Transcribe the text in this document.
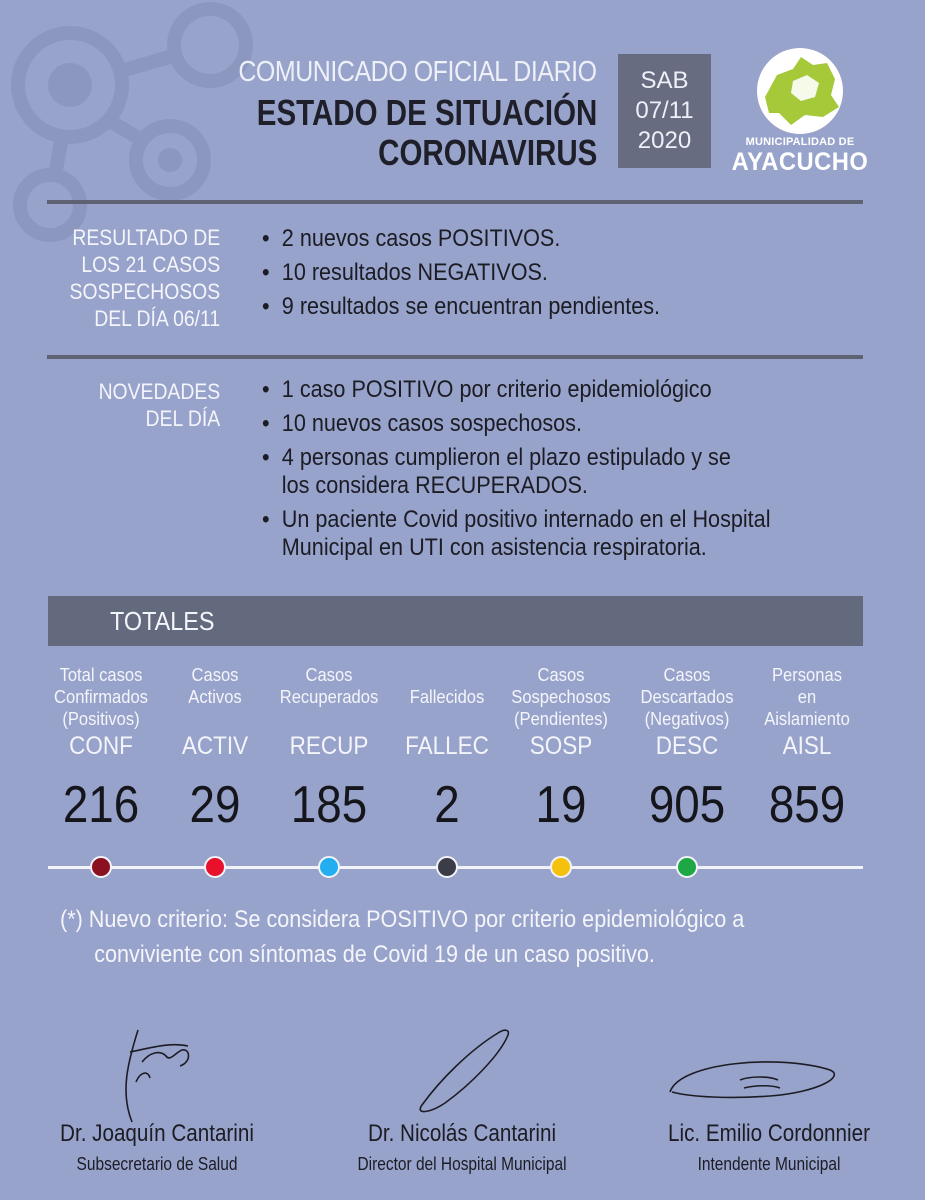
COMUNICADO OFICIAL DIARIO
ESTADO DE SITUACIÓN
CORONAVIRUS
SAB
07/11
2020	MUNICIPALIDAD DE
AYACUCHO
RESULTADO DE
LOS 21 CASOS
SOSPECHOSOS
DEL DÍA 06/11
• 2 nuevos casos POSITIVOS.
• 10 resultados NEGATIVOS.
• 9 resultados se encuentran pendientes.
NOVEDADES
DEL DÍA
• 1 caso POSITIVO por criterio epidemiológico
• 10 nuevos casos sospechosos.
• 4 personas cumplieron el plazo estipulado y se
los considera RECUPERADOS.
• Un paciente Covid positivo internado en el Hospital
Municipal en UTI con asistencia respiratoria.
TOTALES
Total casos
Confirmados
(Positivos)
CONF
216
Casos
Activos
ACTIV
29
Casos
Recuperados
RECUP
185
Fallecidos
FALLEC
2
Casos
Sospechosos
(Pendientes)
SOSP
19
Casos
Descartados
(Negativos)
DESC
905
Personas
en
Aislamiento
AISL
859
(*) Nuevo criterio: Se considera POSITIVO por criterio epidemiológico a
conviviente con síntomas de Covid 19 de un caso positivo.
Dr. Joaquín Cantarini
Subsecretario de Salud
Dr. Nicolás Cantarini
Director del Hospital Municipal
Lic. Emilio Cordonnier
Intendente Municipal
